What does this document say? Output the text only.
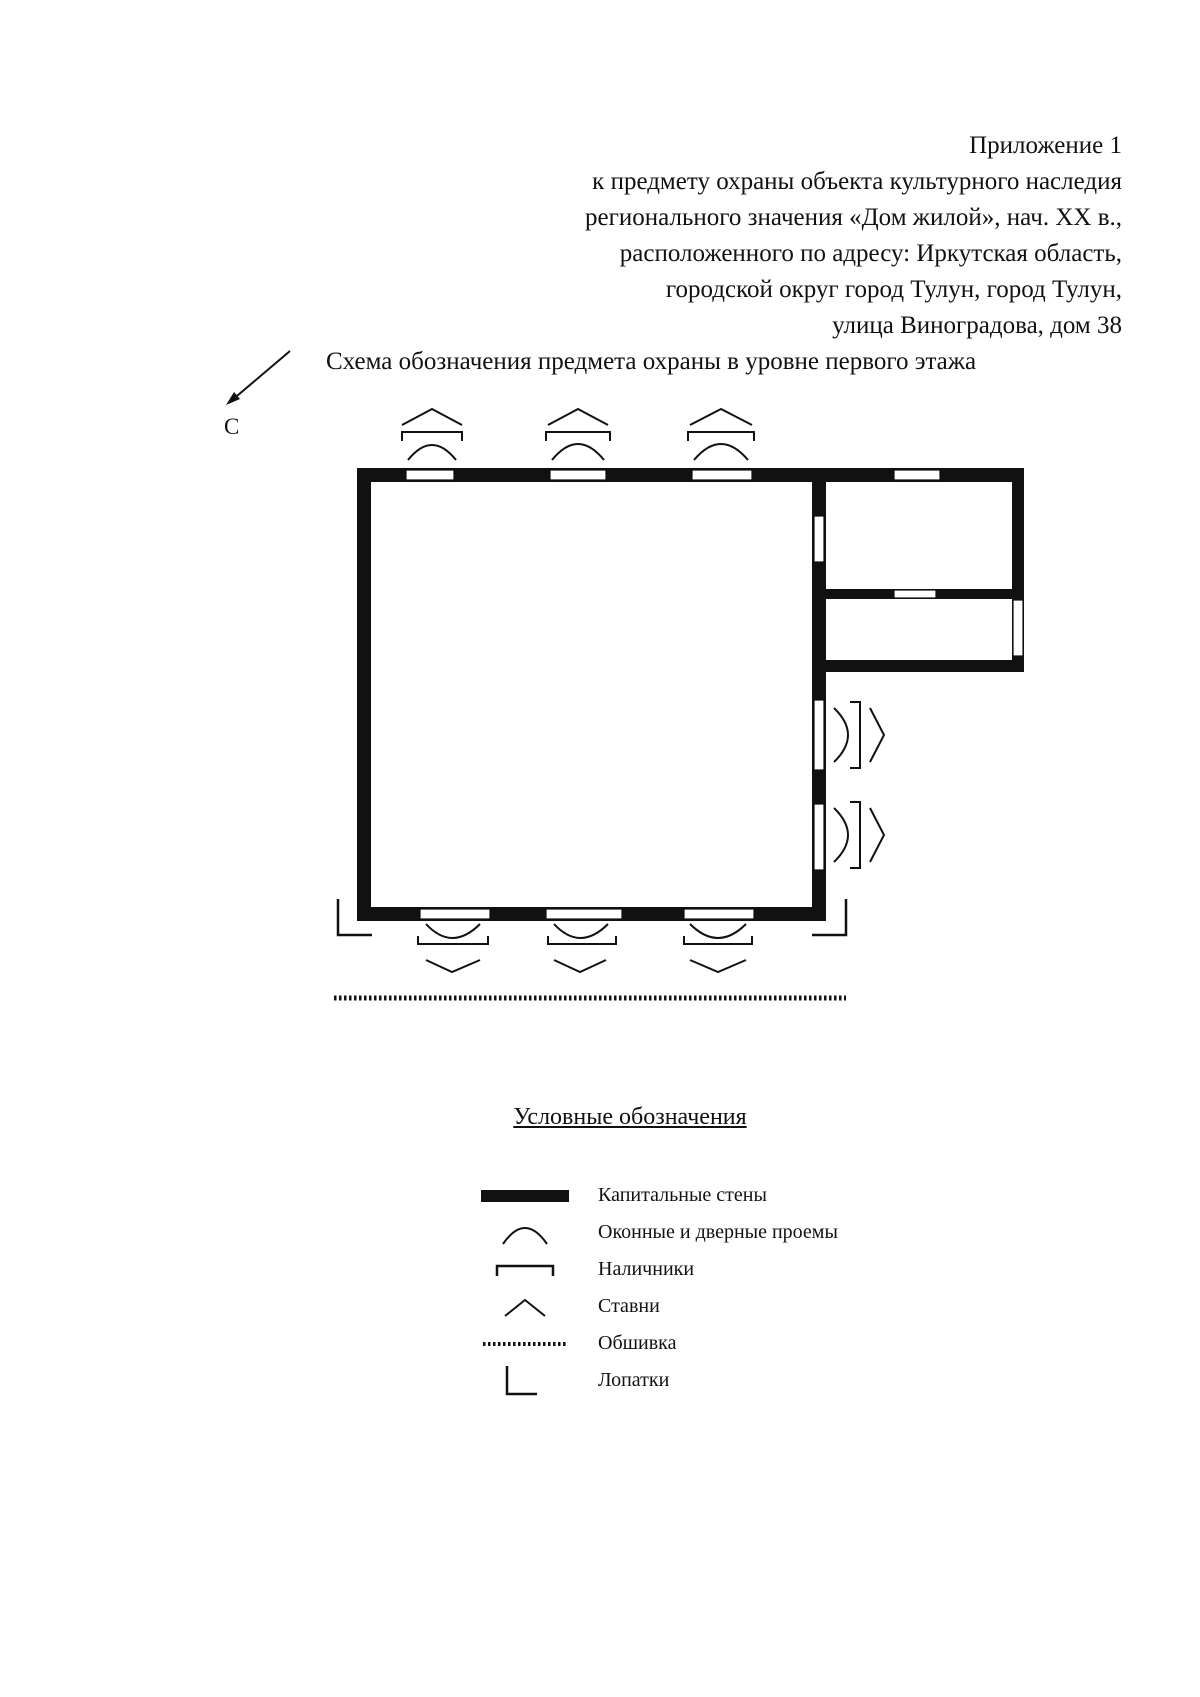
Приложение 1
к предмету охраны объекта культурного наследия
регионального значения «Дом жилой», нач. XX в.,
расположенного по адресу: Иркутская область,
городской округ город Тулун, город Тулун,
улица Виноградова, дом 38
Схема обозначения предмета охраны в уровне первого этажа
С
Условные обозначения
Капитальные стены
Оконные и дверные проемы
Наличники
Ставни
Обшивка
Лопатки
